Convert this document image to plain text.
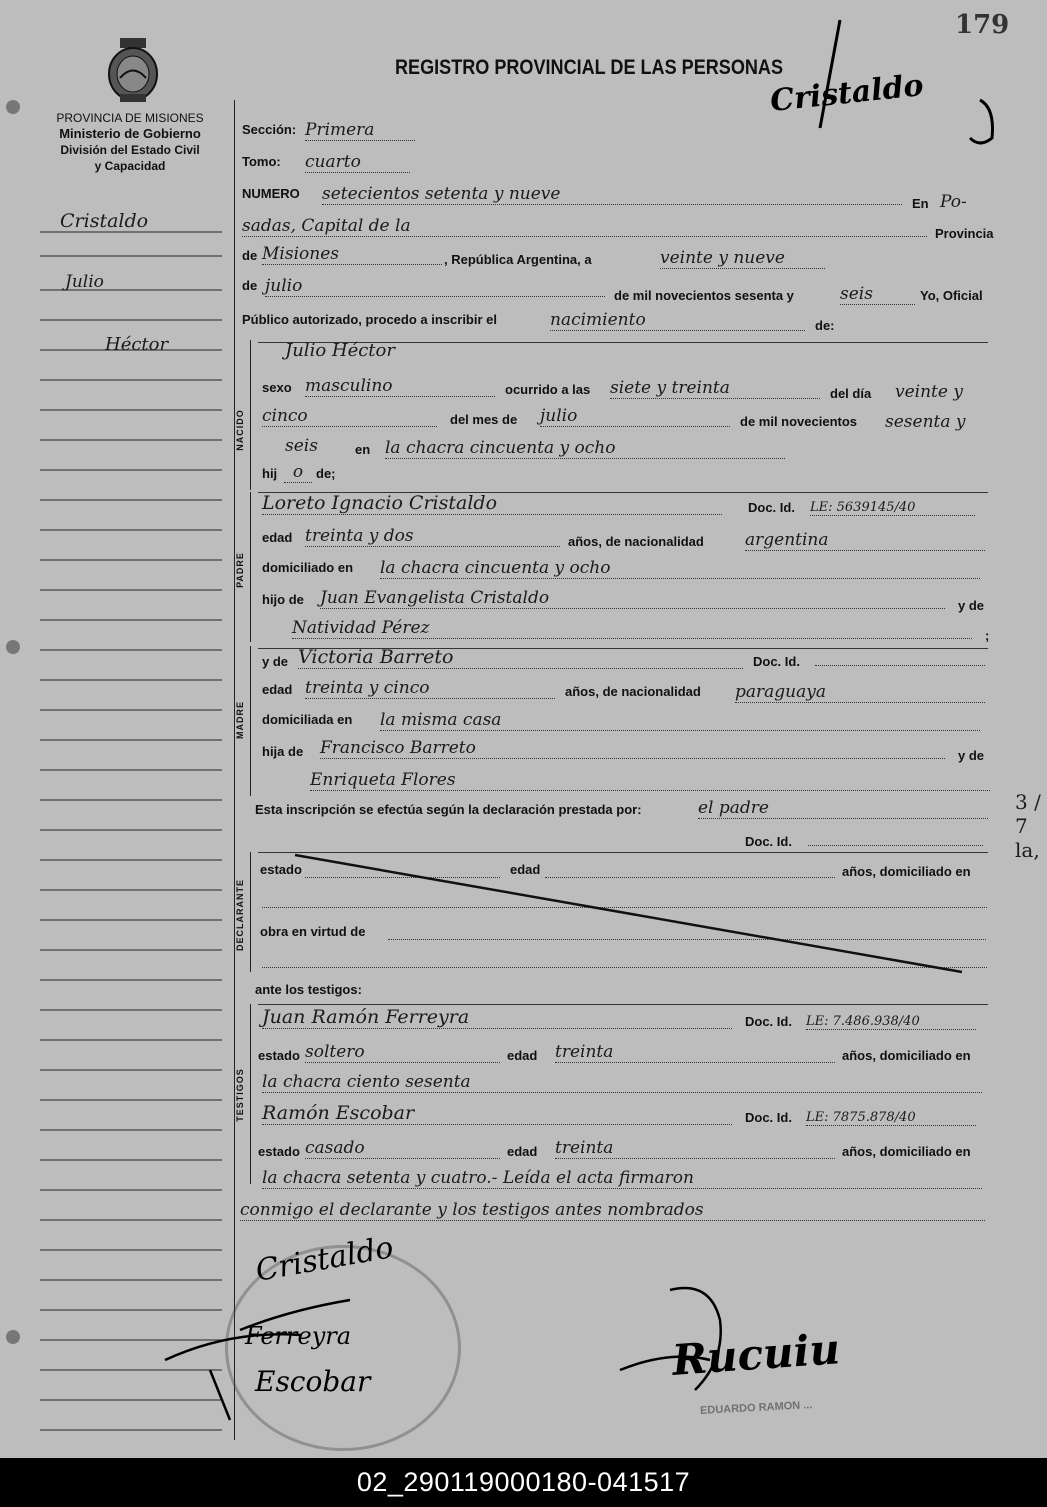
179
PROVINCIA DE MISIONES
Ministerio de Gobierno
División del Estado Civil
y Capacidad
Cristaldo
Julio
Héctor
REGISTRO PROVINCIAL DE LAS PERSONAS
Cristaldo
Sección: Primera
Tomo: cuarto
NUMERO setecientos setenta y nueve	En Po-
sadas, Capital de la	Provincia
de Misiones	, República Argentina, a	veinte y nueve
de julio	de mil novecientos sesenta y	seis	Yo, Oficial
Público autorizado, procedo a inscribir el	nacimiento	de:
NACIDO
Julio Héctor
sexo masculino	ocurrido a las siete y treinta	del día veinte y
cinco	del mes de julio	de mil novecientos sesenta y
seis	en la chacra cincuenta y ocho
hij o de;
PADRE
Loreto Ignacio Cristaldo	Doc. Id. LE: 5639145/40
edad treinta y dos	años, de nacionalidad argentina
domiciliado en la chacra cincuenta y ocho
hijo de Juan Evangelista Cristaldo	y de
Natividad Pérez	;
MADRE
y de Victoria Barreto	Doc. Id.
edad treinta y cinco	años, de nacionalidad paraguaya
domiciliada en la misma casa
hija de Francisco Barreto	y de
Enriqueta Flores
Esta inscripción se efectúa según la declaración prestada por:	el padre
Doc. Id.
DECLARANTE
estado	edad	años, domiciliado en
obra en virtud de
ante los testigos:
TESTIGOS
Juan Ramón Ferreyra	Doc. Id. LE: 7.486.938/40
estado soltero	edad treinta	años, domiciliado en
la chacra ciento sesenta
Ramón Escobar	Doc. Id. LE: 7875.878/40
estado casado	edad treinta	años, domiciliado en
la chacra setenta y cuatro.- Leída el acta firmaron
conmigo el declarante y los testigos antes nombrados
3 /
7
la,
EDUARDO RAMON ...
Cristaldo
Ferreyra
Escobar	Rucuiu
02_290119000180-041517
